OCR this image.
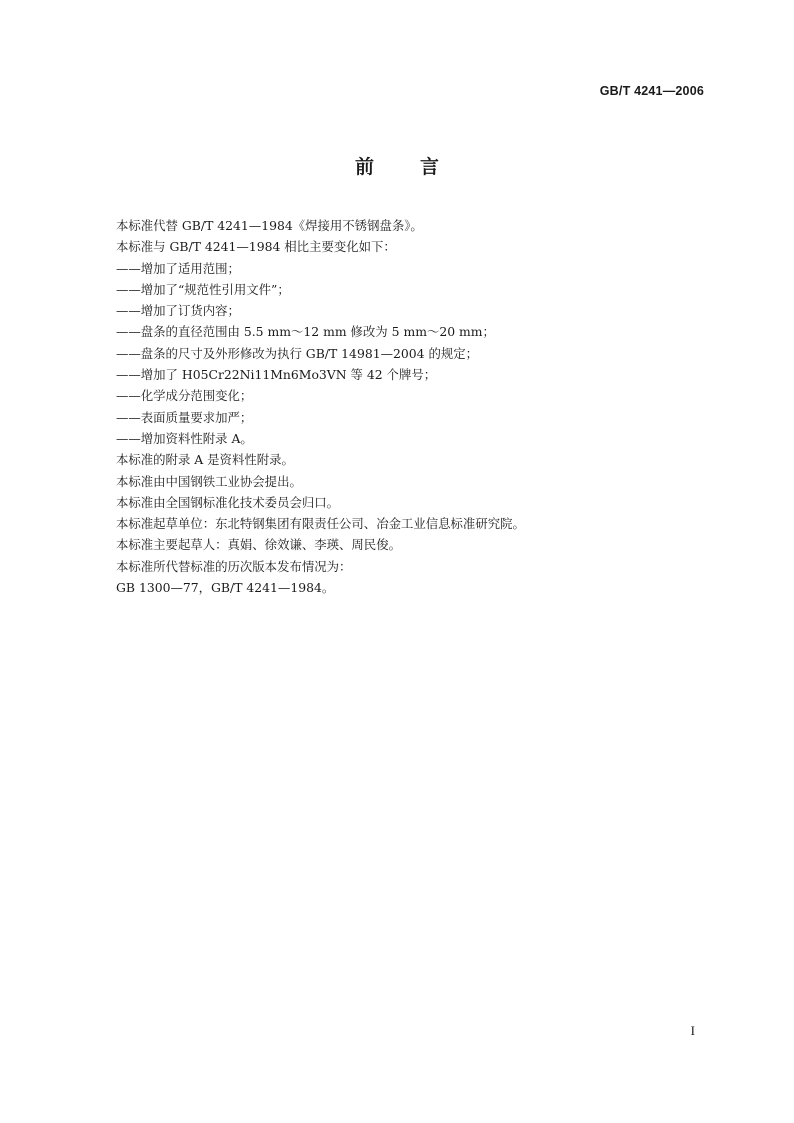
GB/T 4241—2006
前 言
本标准代替 GB/T 4241—1984《焊接用不锈钢盘条》。
本标准与 GB/T 4241—1984 相比主要变化如下：
——增加了适用范围；
——增加了“规范性引用文件”；
——增加了订货内容；
——盘条的直径范围由 5.5 mm～12 mm 修改为 5 mm～20 mm；
——盘条的尺寸及外形修改为执行 GB/T 14981—2004 的规定；
——增加了 H05Cr22Ni11Mn6Mo3VN 等 42 个牌号；
——化学成分范围变化；
——表面质量要求加严；
——增加资料性附录 A。
本标准的附录 A 是资料性附录。
本标准由中国钢铁工业协会提出。
本标准由全国钢标准化技术委员会归口。
本标准起草单位：东北特钢集团有限责任公司、冶金工业信息标准研究院。
本标准主要起草人：真娟、徐效谦、李瑛、周民俊。
本标准所代替标准的历次版本发布情况为：
GB 1300—77，GB/T 4241—1984。
I
